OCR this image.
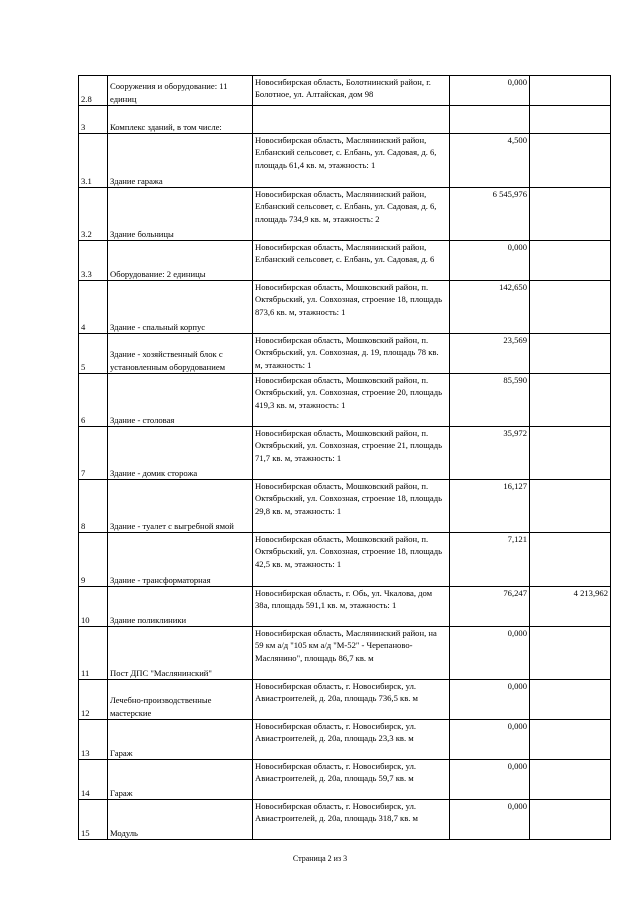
2.8	Сооружения и оборудование: 11 единиц	Новосибирская область, Болотнинский район, г. Болотное, ул. Алтайская, дом 98	0,000	
3	Комплекс зданий, в том числе:			
3.1	Здание гаража	Новосибирская область, Маслянинский район, Елбанский сельсовет, с. Елбань, ул. Садовая, д. 6, площадь 61,4 кв. м, этажность: 1	4,500	
3.2	Здание больницы	Новосибирская область, Маслянинский район, Елбанский сельсовет, с. Елбань, ул. Садовая, д. 6, площадь 734,9 кв. м, этажность: 2	6 545,976	
3.3	Оборудование: 2 единицы	Новосибирская область, Маслянинский район, Елбанский сельсовет, с. Елбань, ул. Садовая, д. 6	0,000	
4	Здание - спальный корпус	Новосибирская область, Мошковский район, п. Октябрьский, ул. Совхозная, строение 18, площадь 873,6 кв. м, этажность: 1	142,650	
5	Здание - хозяйственный блок с установленным оборудованием	Новосибирская область, Мошковский район, п. Октябрьский, ул. Совхозная, д. 19, площадь 78 кв. м, этажность: 1	23,569	
6	Здание - столовая	Новосибирская область, Мошковский район, п. Октябрьский, ул. Совхозная, строение 20, площадь 419,3 кв. м, этажность: 1	85,590	
7	Здание - домик сторожа	Новосибирская область, Мошковский район, п. Октябрьский, ул. Совхозная, строение 21, площадь 71,7 кв. м, этажность: 1	35,972	
8	Здание - туалет с выгребной ямой	Новосибирская область, Мошковский район, п. Октябрьский, ул. Совхозная, строение 18, площадь 29,8 кв. м, этажность: 1	16,127	
9	Здание - трансформаторная	Новосибирская область, Мошковский район, п. Октябрьский, ул. Совхозная, строение 18, площадь 42,5 кв. м, этажность: 1	7,121	
10	Здание поликлиники	Новосибирская область, г. Обь, ул. Чкалова, дом 38а, площадь 591,1 кв. м, этажность: 1	76,247	4 213,962
11	Пост ДПС "Маслянинский"	Новосибирская область, Маслянинский район, на 59 км а/д "105 км а/д "М-52" - Черепаново-Маслянино", площадь 86,7 кв. м	0,000	
12	Лечебно-производственные мастерские	Новосибирская область, г. Новосибирск, ул. Авиастроителей, д. 20а, площадь 736,5 кв. м	0,000	
13	Гараж	Новосибирская область, г. Новосибирск, ул. Авиастроителей, д. 20а, площадь 23,3 кв. м	0,000	
14	Гараж	Новосибирская область, г. Новосибирск, ул. Авиастроителей, д. 20а, площадь 59,7 кв. м	0,000	
15	Модуль	Новосибирская область, г. Новосибирск, ул. Авиастроителей, д. 20а, площадь 318,7 кв. м	0,000	
Страница 2 из 3
